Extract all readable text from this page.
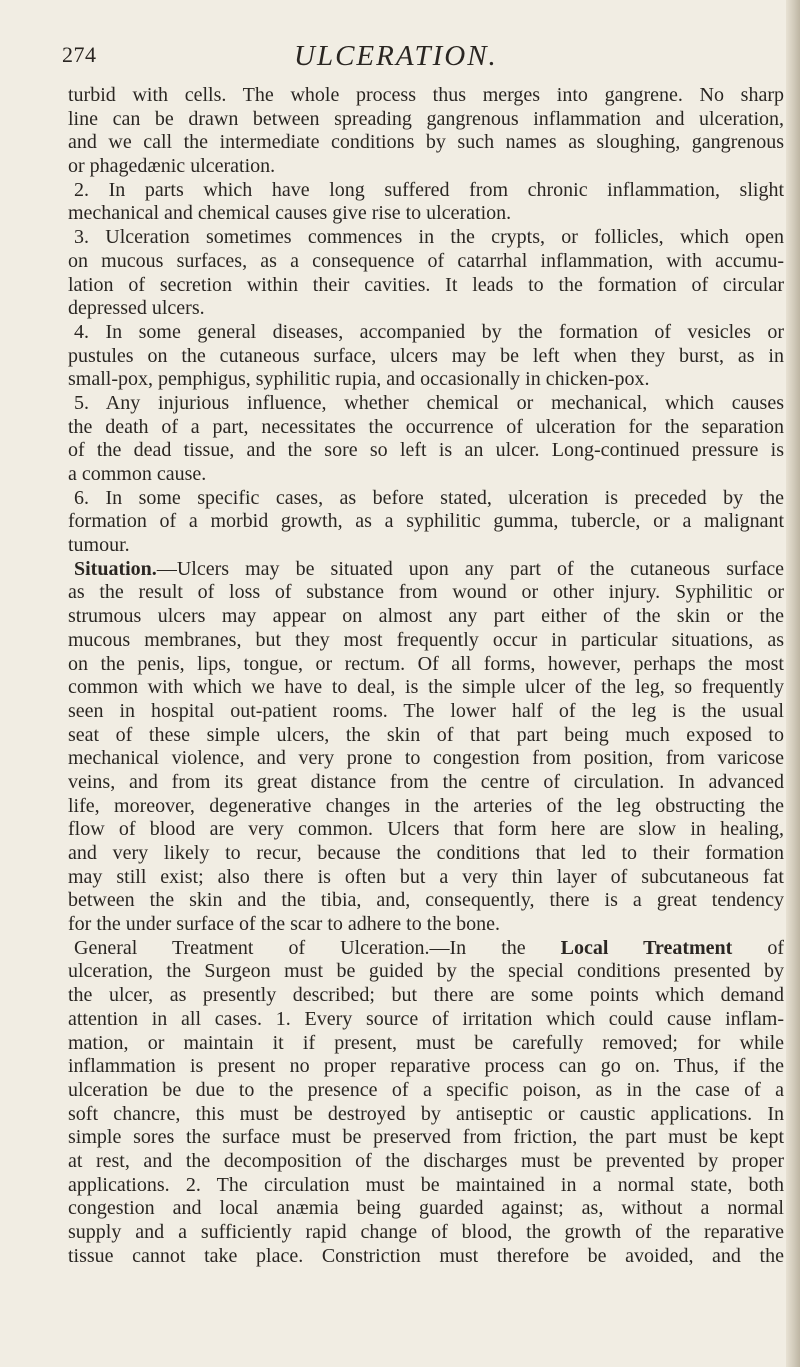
274	ULCERATION.
turbid with cells. The whole process thus merges into gangrene. No sharp
line can be drawn between spreading gangrenous inflammation and ulceration,
and we call the intermediate conditions by such names as sloughing, gangrenous
or phagedænic ulceration.
2. In parts which have long suffered from chronic inflammation, slight
mechanical and chemical causes give rise to ulceration.
3. Ulceration sometimes commences in the crypts, or follicles, which open
on mucous surfaces, as a consequence of catarrhal inflammation, with accumu-
lation of secretion within their cavities. It leads to the formation of circular
depressed ulcers.
4. In some general diseases, accompanied by the formation of vesicles or
pustules on the cutaneous surface, ulcers may be left when they burst, as in
small-pox, pemphigus, syphilitic rupia, and occasionally in chicken-pox.
5. Any injurious influence, whether chemical or mechanical, which causes
the death of a part, necessitates the occurrence of ulceration for the separation
of the dead tissue, and the sore so left is an ulcer. Long-continued pressure is
a common cause.
6. In some specific cases, as before stated, ulceration is preceded by the
formation of a morbid growth, as a syphilitic gumma, tubercle, or a malignant
tumour.
Situation.—Ulcers may be situated upon any part of the cutaneous surface
as the result of loss of substance from wound or other injury. Syphilitic or
strumous ulcers may appear on almost any part either of the skin or the
mucous membranes, but they most frequently occur in particular situations, as
on the penis, lips, tongue, or rectum. Of all forms, however, perhaps the most
common with which we have to deal, is the simple ulcer of the leg, so frequently
seen in hospital out-patient rooms. The lower half of the leg is the usual
seat of these simple ulcers, the skin of that part being much exposed to
mechanical violence, and very prone to congestion from position, from varicose
veins, and from its great distance from the centre of circulation. In advanced
life, moreover, degenerative changes in the arteries of the leg obstructing the
flow of blood are very common. Ulcers that form here are slow in healing,
and very likely to recur, because the conditions that led to their formation
may still exist; also there is often but a very thin layer of subcutaneous fat
between the skin and the tibia, and, consequently, there is a great tendency
for the under surface of the scar to adhere to the bone.
General Treatment of Ulceration.—In the Local Treatment of
ulceration, the Surgeon must be guided by the special conditions presented by
the ulcer, as presently described; but there are some points which demand
attention in all cases. 1. Every source of irritation which could cause inflam-
mation, or maintain it if present, must be carefully removed; for while
inflammation is present no proper reparative process can go on. Thus, if the
ulceration be due to the presence of a specific poison, as in the case of a
soft chancre, this must be destroyed by antiseptic or caustic applications. In
simple sores the surface must be preserved from friction, the part must be kept
at rest, and the decomposition of the discharges must be prevented by proper
applications. 2. The circulation must be maintained in a normal state, both
congestion and local anæmia being guarded against; as, without a normal
supply and a sufficiently rapid change of blood, the growth of the reparative
tissue cannot take place. Constriction must therefore be avoided, and the
